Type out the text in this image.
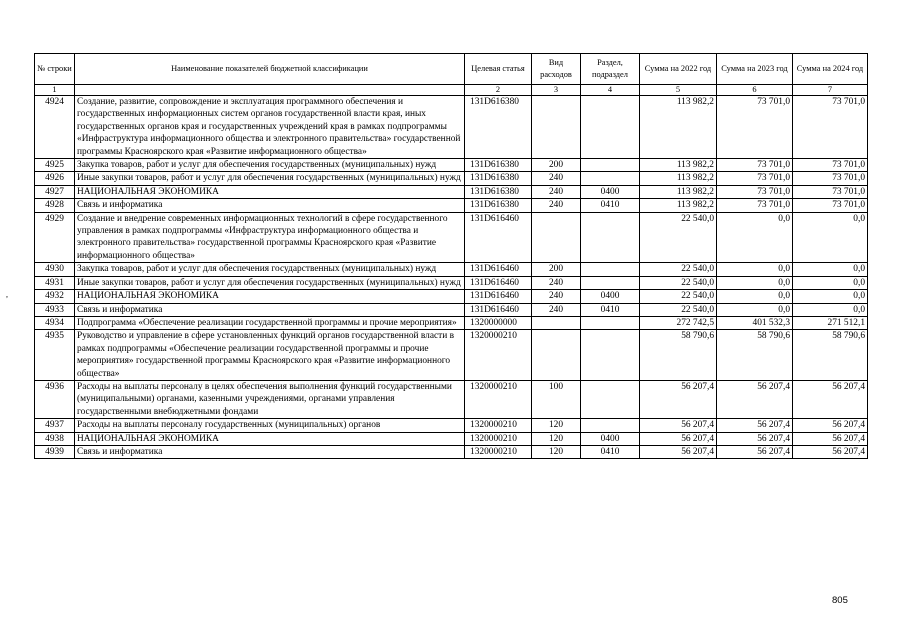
,
№ строки	Наименование показателей бюджетной классификации	Целевая статья	Вид расходов	Раздел, подраздел	Сумма на 2022 год	Сумма на 2023 год	Сумма на 2024 год
1		2	3	4	5	6	7
4924	Создание, развитие, сопровождение и эксплуатация программного обеспечения и государственных информационных систем органов государственной власти края, иных государственных органов края и государственных учреждений края в рамках подпрограммы «Инфраструктура информационного общества и электронного правительства» государственной программы Красноярского края «Развитие информационного общества»	131D616380			113 982,2	73 701,0	73 701,0
4925	Закупка товаров, работ и услуг для обеспечения государственных (муниципальных) нужд	131D616380	200		113 982,2	73 701,0	73 701,0
4926	Иные закупки товаров, работ и услуг для обеспечения государственных (муниципальных) нужд	131D616380	240		113 982,2	73 701,0	73 701,0
4927	НАЦИОНАЛЬНАЯ ЭКОНОМИКА	131D616380	240	0400	113 982,2	73 701,0	73 701,0
4928	Связь и информатика	131D616380	240	0410	113 982,2	73 701,0	73 701,0
4929	Создание и внедрение современных информационных технологий в сфере государственного управления в рамках подпрограммы «Инфраструктура информационного общества и электронного правительства» государственной программы Красноярского края «Развитие информационного общества»	131D616460			22 540,0	0,0	0,0
4930	Закупка товаров, работ и услуг для обеспечения государственных (муниципальных) нужд	131D616460	200		22 540,0	0,0	0,0
4931	Иные закупки товаров, работ и услуг для обеспечения государственных (муниципальных) нужд	131D616460	240		22 540,0	0,0	0,0
4932	НАЦИОНАЛЬНАЯ ЭКОНОМИКА	131D616460	240	0400	22 540,0	0,0	0,0
4933	Связь и информатика	131D616460	240	0410	22 540,0	0,0	0,0
4934	Подпрограмма «Обеспечение реализации государственной программы и прочие мероприятия»	1320000000			272 742,5	401 532,3	271 512,1
4935	Руководство и управление в сфере установленных функций органов государственной власти в рамках подпрограммы «Обеспечение реализации государственной программы и прочие мероприятия» государственной программы Красноярского края «Развитие информационного общества»	1320000210			58 790,6	58 790,6	58 790,6
4936	Расходы на выплаты персоналу в целях обеспечения выполнения функций государственными (муниципальными) органами, казенными учреждениями, органами управления государственными внебюджетными фондами	1320000210	100		56 207,4	56 207,4	56 207,4
4937	Расходы на выплаты персоналу государственных (муниципальных) органов	1320000210	120		56 207,4	56 207,4	56 207,4
4938	НАЦИОНАЛЬНАЯ ЭКОНОМИКА	1320000210	120	0400	56 207,4	56 207,4	56 207,4
4939	Связь и информатика	1320000210	120	0410	56 207,4	56 207,4	56 207,4
805
